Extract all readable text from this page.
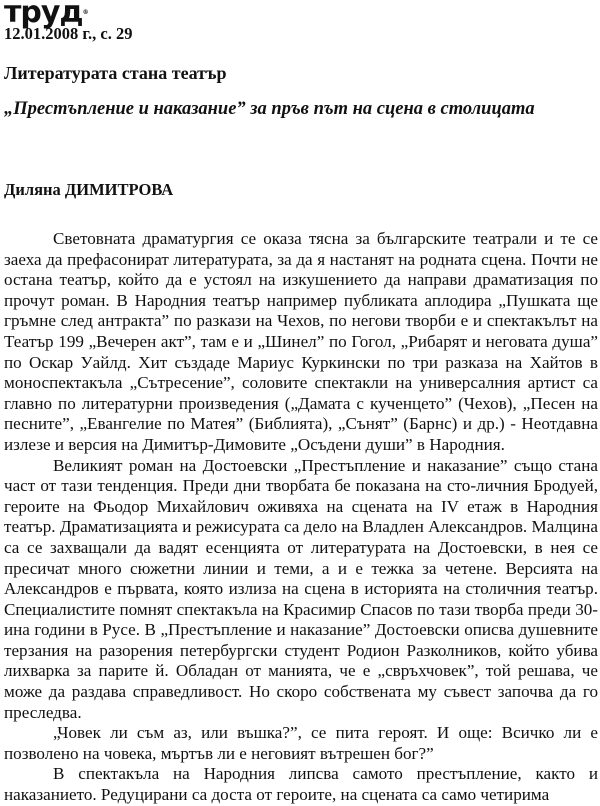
труд®
12.01.2008 г., с. 29
Литературата стана театър
„Престъпление и наказание” за пръв път на сцена в столицата
Диляна ДИМИТРОВА

Световната драматургия се оказа тясна за българските театрали и те се заеха да префасонират литературата, за да я настанят на родната сцена. Почти не остана театър, който да е устоял на изкушението да направи драматизация по прочут роман. В Народния театър например публиката аплодира „Пушката ще гръмне след антракта” по разкази на Чехов, по негови творби е и спектакълът на Театър 199 „Вечерен акт”, там е и „Шинел” по Гогол, „Рибарят и неговата душа” по Оскар Уайлд. Хит създаде Мариус Куркински по три разказа на Хайтов в моноспектакъла „Сътресение”, соловите спектакли на универсалния артист са главно по литературни произведения („Дамата с кученцето” (Чехов), „Песен на песните”, „Евангелие по Матея” (Библията), „Сънят” (Барнс) и др.) - Неотдавна излезе и версия на Димитър-Димовите „Осъдени души” в Народния.

Великият роман на Достоевски „Престъпление и наказание” също стана част от тази тенденция. Преди дни творбата бе показана на сто-личния Бродуей, героите на Фьодор Михайлович оживяха на сцената на IV етаж в Народния театър. Драматизацията и режисурата са дело на Владлен Александров. Малцина са се захващали да вадят есенцията от литературата на Достоевски, в нея се пресичат много сюжетни линии и теми, а и е тежка за четене. Версията на Александров е първата, която излиза на сцена в историята на столичния театър. Специалистите помнят спектакъла на Красимир Спасов по тази творба преди 30-ина години в Русе. В „Престъпление и наказание” Достоевски описва душевните терзания на разорения петербургски студент Родион Разколников, който убива лихварка за парите й. Обладан от манията, че е „свръхчовек”, той решава, че може да раздава справедливост. Но скоро собствената му съвест започва да го преследва.

„Човек ли съм аз, или въшка?”, се пита героят. И още: Всичко ли е позволено на човека, мъртъв ли е неговият вътрешен бог?”

В спектакъла на Народния липсва самото престъпление, както и наказанието. Редуцирани са доста от героите, на сцената са само четирима
